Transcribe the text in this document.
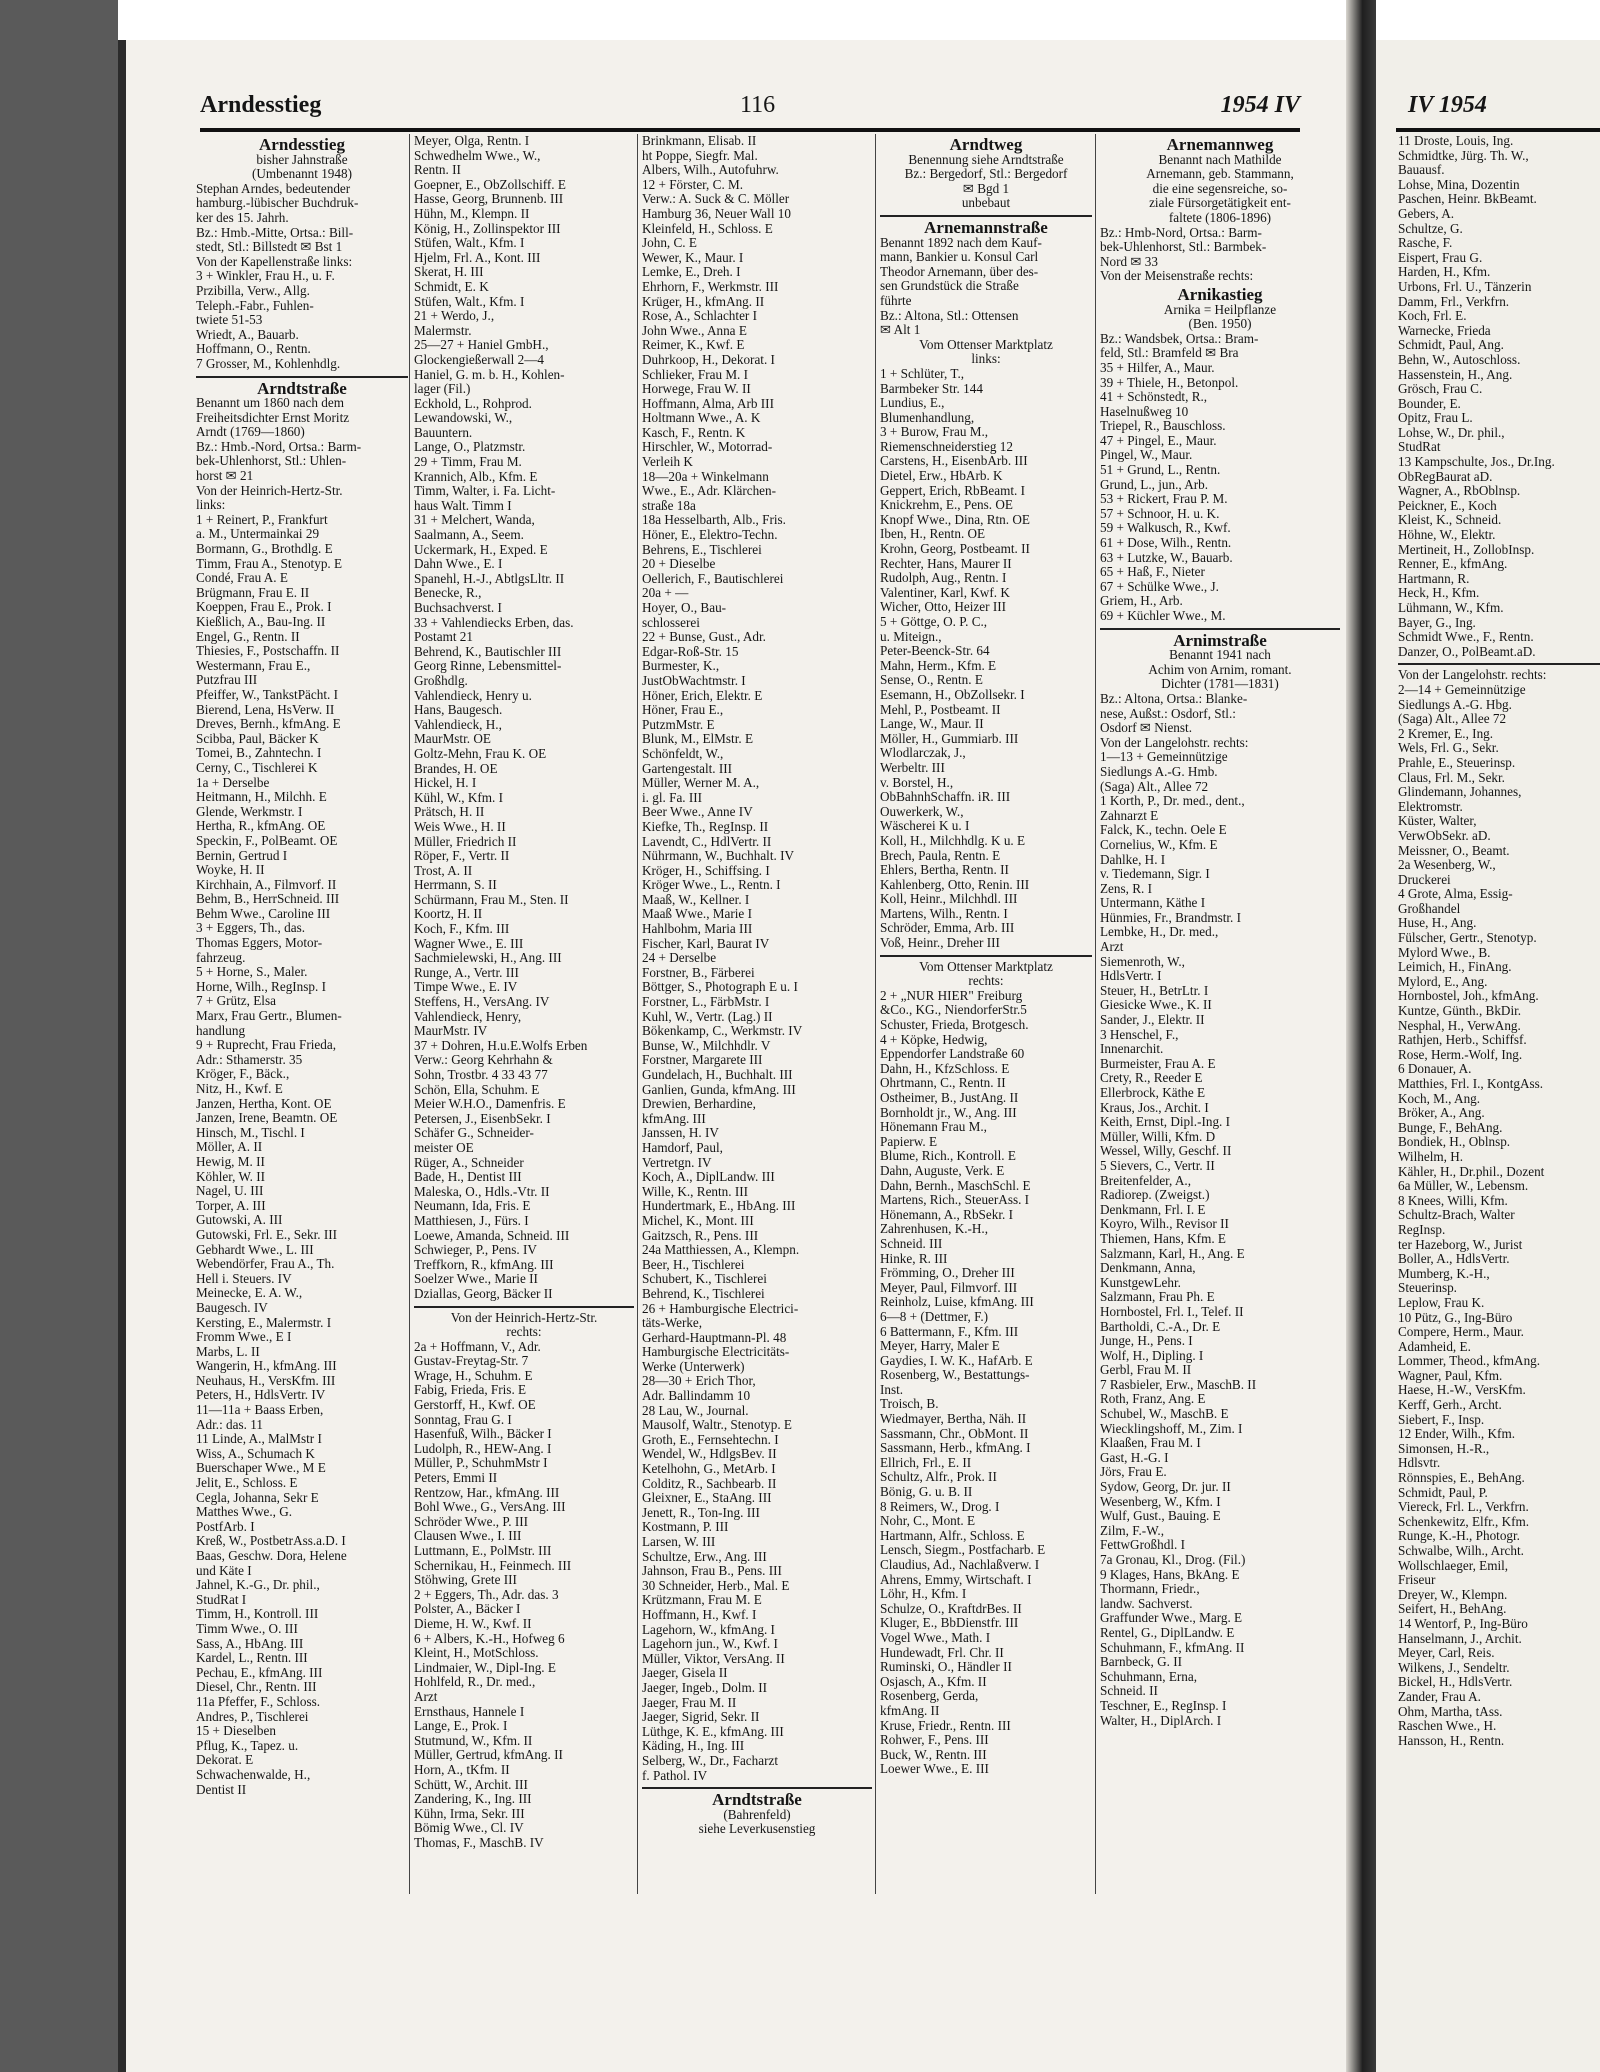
Arndesstieg	116	1954 IV	IV 1954
Arndesstieg
bisher Jahnstraße
(Umbenannt 1948)
Stephan Arndes, bedeutender
hamburg.-lübischer Buchdruk-
ker des 15. Jahrh.
Bz.: Hmb.-Mitte, Ortsa.: Bill-
stedt, Stl.: Billstedt ✉ Bst 1
Von der Kapellenstraße links:
3 + Winkler, Frau H., u. F.
Przibilla, Verw., Allg.
Teleph.-Fabr., Fuhlen-
twiete 51-53
Wriedt, A., Bauarb.
Hoffmann, O., Rentn.
7 Grosser, M., Kohlenhdlg.
Arndtstraße
Benannt um 1860 nach dem
Freiheitsdichter Ernst Moritz
Arndt (1769—1860)
Bz.: Hmb.-Nord, Ortsa.: Barm-
bek-Uhlenhorst, Stl.: Uhlen-
horst ✉ 21
Von der Heinrich-Hertz-Str.
links:
1 + Reinert, P., Frankfurt
a. M., Untermainkai 29
Bormann, G., Brothdlg. E
Timm, Frau A., Stenotyp. E
Condé, Frau A. E
Brügmann, Frau E. II
Koeppen, Frau E., Prok. I
Kießlich, A., Bau-Ing. II
Engel, G., Rentn. II
Thiesies, F., Postschaffn. II
Westermann, Frau E.,
Putzfrau III
Pfeiffer, W., TankstPächt. I
Bierend, Lena, HsVerw. II
Dreves, Bernh., kfmAng. E
Scibba, Paul, Bäcker K
Tomei, B., Zahntechn. I
Cerny, C., Tischlerei K
1a + Derselbe
Heitmann, H., Milchh. E
Glende, Werkmstr. I
Hertha, R., kfmAng. OE
Speckin, F., PolBeamt. OE
Bernin, Gertrud I
Woyke, H. II
Kirchhain, A., Filmvorf. II
Behm, B., HerrSchneid. III
Behm Wwe., Caroline III
3 + Eggers, Th., das.
Thomas Eggers, Motor-
fahrzeug.
5 + Horne, S., Maler.
Horne, Wilh., RegInsp. I
7 + Grütz, Elsa
Marx, Frau Gertr., Blumen-
handlung
9 + Ruprecht, Frau Frieda,
Adr.: Sthamerstr. 35
Kröger, F., Bäck.,
Nitz, H., Kwf. E
Janzen, Hertha, Kont. OE
Janzen, Irene, Beamtn. OE
Hinsch, M., Tischl. I
Möller, A. II
Hewig, M. II
Köhler, W. II
Nagel, U. III
Torper, A. III
Gutowski, A. III
Gutowski, Frl. E., Sekr. III
Gebhardt Wwe., L. III
Webendörfer, Frau A., Th.
Hell i. Steuers. IV
Meinecke, E. A. W.,
Baugesch. IV
Kersting, E., Malermstr. I
Fromm Wwe., E I
Marbs, L. II
Wangerin, H., kfmAng. III
Neuhaus, H., VersKfm. III
Peters, H., HdlsVertr. IV
11—11a + Baass Erben,
Adr.: das. 11
11 Linde, A., MalMstr I
Wiss, A., Schumach K
Buerschaper Wwe., M E
Jelit, E., Schloss. E
Cegla, Johanna, Sekr E
Matthes Wwe., G.
PostfArb. I
Kreß, W., PostbetrAss.a.D. I
Baas, Geschw. Dora, Helene
und Käte I
Jahnel, K.-G., Dr. phil.,
StudRat I
Timm, H., Kontroll. III
Timm Wwe., O. III
Sass, A., HbAng. III
Kardel, L., Rentn. III
Pechau, E., kfmAng. III
Diesel, Chr., Rentn. III
11a Pfeffer, F., Schloss.
Andres, P., Tischlerei
15 + Dieselben
Pflug, K., Tapez. u.
Dekorat. E
Schwachenwalde, H.,
Dentist II
Meyer, Olga, Rentn. I
Schwedhelm Wwe., W.,
Rentn. II
Goepner, E., ObZollschiff. E
Hasse, Georg, Brunnenb. III
Hühn, M., Klempn. II
König, H., Zollinspektor III
Stüfen, Walt., Kfm. I
Hjelm, Frl. A., Kont. III
Skerat, H. III
Schmidt, E. K
Stüfen, Walt., Kfm. I
21 + Werdo, J.,
Malermstr.
25—27 + Haniel GmbH.,
Glockengießerwall 2—4
Haniel, G. m. b. H., Kohlen-
lager (Fil.)
Eckhold, L., Rohprod.
Lewandowski, W.,
Bauuntern.
Lange, O., Platzmstr.
29 + Timm, Frau M.
Krannich, Alb., Kfm. E
Timm, Walter, i. Fa. Licht-
haus Walt. Timm I
31 + Melchert, Wanda,
Saalmann, A., Seem.
Uckermark, H., Exped. E
Dahn Wwe., E. I
Spanehl, H.-J., AbtlgsLltr. II
Benecke, R.,
Buchsachverst. I
33 + Vahlendiecks Erben, das.
Postamt 21
Behrend, K., Bautischler III
Georg Rinne, Lebensmittel-
Großhdlg.
Vahlendieck, Henry u.
Hans, Baugesch.
Vahlendieck, H.,
MaurMstr. OE
Goltz-Mehn, Frau K. OE
Brandes, H. OE
Hickel, H. I
Kühl, W., Kfm. I
Prätsch, H. II
Weis Wwe., H. II
Müller, Friedrich II
Röper, F., Vertr. II
Trost, A. II
Herrmann, S. II
Schürmann, Frau M., Sten. II
Koortz, H. II
Koch, F., Kfm. III
Wagner Wwe., E. III
Sachmielewski, H., Ang. III
Runge, A., Vertr. III
Timpe Wwe., E. IV
Steffens, H., VersAng. IV
Vahlendieck, Henry,
MaurMstr. IV
37 + Dohren, H.u.E.Wolfs Erben
Verw.: Georg Kehrhahn &
Sohn, Trostbr. 4 33 43 77
Schön, Ella, Schuhm. E
Meier W.H.O., Damenfris. E
Petersen, J., EisenbSekr. I
Schäfer G., Schneider-
meister OE
Rüger, A., Schneider
Bade, H., Dentist III
Maleska, O., Hdls.-Vtr. II
Neumann, Ida, Fris. E
Matthiesen, J., Fürs. I
Loewe, Amanda, Schneid. III
Schwieger, P., Pens. IV
Treffkorn, R., kfmAng. III
Soelzer Wwe., Marie II
Dziallas, Georg, Bäcker II
Von der Heinrich-Hertz-Str.
rechts:
2a + Hoffmann, V., Adr.
Gustav-Freytag-Str. 7
Wrage, H., Schuhm. E
Fabig, Frieda, Fris. E
Gerstorff, H., Kwf. OE
Sonntag, Frau G. I
Hasenfuß, Wilh., Bäcker I
Ludolph, R., HEW-Ang. I
Müller, P., SchuhmMstr I
Peters, Emmi II
Rentzow, Har., kfmAng. III
Bohl Wwe., G., VersAng. III
Schröder Wwe., P. III
Clausen Wwe., I. III
Luttmann, E., PolMstr. III
Schernikau, H., Feinmech. III
Stöhwing, Grete III
2 + Eggers, Th., Adr. das. 3
Polster, A., Bäcker I
Dieme, H. W., Kwf. II
6 + Albers, K.-H., Hofweg 6
Kleint, H., MotSchloss.
Lindmaier, W., Dipl-Ing. E
Hohlfeld, R., Dr. med.,
Arzt
Ernsthaus, Hannele I
Lange, E., Prok. I
Stutmund, W., Kfm. II
Müller, Gertrud, kfmAng. II
Horn, A., tKfm. II
Schütt, W., Archit. III
Zandering, K., Ing. III
Kühn, Irma, Sekr. III
Bömig Wwe., Cl. IV
Thomas, F., MaschB. IV
Brinkmann, Elisab. II
ht Poppe, Siegfr. Mal.
Albers, Wilh., Autofuhrw.
12 + Förster, C. M.
Verw.: A. Suck & C. Möller
Hamburg 36, Neuer Wall 10
Kleinfeld, H., Schloss. E
John, C. E
Wewer, K., Maur. I
Lemke, E., Dreh. I
Ehrhorn, F., Werkmstr. III
Krüger, H., kfmAng. II
Rose, A., Schlachter I
John Wwe., Anna E
Reimer, K., Kwf. E
Duhrkoop, H., Dekorat. I
Schlieker, Frau M. I
Horwege, Frau W. II
Hoffmann, Alma, Arb III
Holtmann Wwe., A. K
Kasch, F., Rentn. K
Hirschler, W., Motorrad-
Verleih K
18—20a + Winkelmann
Wwe., E., Adr. Klärchen-
straße 18a
18a Hesselbarth, Alb., Fris.
Höner, E., Elektro-Techn.
Behrens, E., Tischlerei
20 + Dieselbe
Oellerich, F., Bautischlerei
20a + —
Hoyer, O., Bau-
schlosserei
22 + Bunse, Gust., Adr.
Edgar-Roß-Str. 15
Burmester, K.,
JustObWachtmstr. I
Höner, Erich, Elektr. E
Höner, Frau E.,
PutzmMstr. E
Blunk, M., ElMstr. E
Schönfeldt, W.,
Gartengestalt. III
Müller, Werner M. A.,
i. gl. Fa. III
Beer Wwe., Anne IV
Kiefke, Th., RegInsp. II
Lavendt, C., HdlVertr. II
Nührmann, W., Buchhalt. IV
Kröger, H., Schiffsing. I
Kröger Wwe., L., Rentn. I
Maaß, W., Kellner. I
Maaß Wwe., Marie I
Hahlbohm, Maria III
Fischer, Karl, Baurat IV
24 + Derselbe
Forstner, B., Färberei
Böttger, S., Photograph E u. I
Forstner, L., FärbMstr. I
Kuhl, W., Vertr. (Lag.) II
Bökenkamp, C., Werkmstr. IV
Bunse, W., Milchhdlr. V
Forstner, Margarete III
Gundelach, H., Buchhalt. III
Ganlien, Gunda, kfmAng. III
Drewien, Berhardine,
kfmAng. III
Janssen, H. IV
Hamdorf, Paul,
Vertretgn. IV
Koch, A., DiplLandw. III
Wille, K., Rentn. III
Hundertmark, E., HbAng. III
Michel, K., Mont. III
Gaitzsch, R., Pens. III
24a Matthiessen, A., Klempn.
Beer, H., Tischlerei
Schubert, K., Tischlerei
Behrend, K., Tischlerei
26 + Hamburgische Electrici-
täts-Werke,
Gerhard-Hauptmann-Pl. 48
Hamburgische Electricitäts-
Werke (Unterwerk)
28—30 + Erich Thor,
Adr. Ballindamm 10
28 Lau, W., Journal.
Mausolf, Waltr., Stenotyp. E
Groth, E., Fernsehtechn. I
Wendel, W., HdlgsBev. II
Ketelhohn, G., MetArb. I
Colditz, R., Sachbearb. II
Gleixner, E., StaAng. III
Jenett, R., Ton-Ing. III
Kostmann, P. III
Larsen, W. III
Schultze, Erw., Ang. III
Jahnson, Frau B., Pens. III
30 Schneider, Herb., Mal. E
Krützmann, Frau M. E
Hoffmann, H., Kwf. I
Lagehorn, W., kfmAng. I
Lagehorn jun., W., Kwf. I
Müller, Viktor, VersAng. II
Jaeger, Gisela II
Jaeger, Ingeb., Dolm. II
Jaeger, Frau M. II
Jaeger, Sigrid, Sekr. II
Lüthge, K. E., kfmAng. III
Käding, H., Ing. III
Selberg, W., Dr., Facharzt
f. Pathol. IV
Arndtstraße
(Bahrenfeld)
siehe Leverkusenstieg
Arndtweg
Benennung siehe Arndtstraße
Bz.: Bergedorf, Stl.: Bergedorf
✉ Bgd 1
unbebaut
Arnemannstraße
Benannt 1892 nach dem Kauf-
mann, Bankier u. Konsul Carl
Theodor Arnemann, über des-
sen Grundstück die Straße
führte
Bz.: Altona, Stl.: Ottensen
✉ Alt 1
Vom Ottenser Marktplatz
links:
1 + Schlüter, T.,
Barmbeker Str. 144
Lundius, E.,
Blumenhandlung,
3 + Burow, Frau M.,
Riemenschneiderstieg 12
Carstens, H., EisenbArb. III
Dietel, Erw., HbArb. K
Geppert, Erich, RbBeamt. I
Knickrehm, E., Pens. OE
Knopf Wwe., Dina, Rtn. OE
Iben, H., Rentn. OE
Krohn, Georg, Postbeamt. II
Rechter, Hans, Maurer II
Rudolph, Aug., Rentn. I
Valentiner, Karl, Kwf. K
Wicher, Otto, Heizer III
5 + Göttge, O. P. C.,
u. Miteign.,
Peter-Beenck-Str. 64
Mahn, Herm., Kfm. E
Sense, O., Rentn. E
Esemann, H., ObZollsekr. I
Mehl, P., Postbeamt. II
Lange, W., Maur. II
Möller, H., Gummiarb. III
Wlodlarczak, J.,
Werbeltr. III
v. Borstel, H.,
ObBahnhSchaffn. iR. III
Ouwerkerk, W.,
Wäscherei K u. I
Koll, H., Milchhdlg. K u. E
Brech, Paula, Rentn. E
Ehlers, Bertha, Rentn. II
Kahlenberg, Otto, Renin. III
Koll, Heinr., Milchhdl. III
Martens, Wilh., Rentn. I
Schröder, Emma, Arb. III
Voß, Heinr., Dreher III
Vom Ottenser Marktplatz
rechts:
2 + „NUR HIER" Freiburg
&Co., KG., NiendorferStr.5
Schuster, Frieda, Brotgesch.
4 + Köpke, Hedwig,
Eppendorfer Landstraße 60
Dahn, H., KfzSchloss. E
Ohrtmann, C., Rentn. II
Ostheimer, B., JustAng. II
Bornholdt jr., W., Ang. III
Hönemann Frau M.,
Papierw. E
Blume, Rich., Kontroll. E
Dahn, Auguste, Verk. E
Dahn, Bernh., MaschSchl. E
Martens, Rich., SteuerAss. I
Hönemann, A., RbSekr. I
Zahrenhusen, K.-H.,
Schneid. III
Hinke, R. III
Frömming, O., Dreher III
Meyer, Paul, Filmvorf. III
Reinholz, Luise, kfmAng. III
6—8 + (Dettmer, F.)
6 Battermann, F., Kfm. III
Meyer, Harry, Maler E
Gaydies, I. W. K., HafArb. E
Rosenberg, W., Bestattungs-
Inst.
Troisch, B.
Wiedmayer, Bertha, Näh. II
Sassmann, Chr., ObMont. II
Sassmann, Herb., kfmAng. I
Ellrich, Frl., E. II
Schultz, Alfr., Prok. II
Bönig, G. u. B. II
8 Reimers, W., Drog. I
Nohr, C., Mont. E
Hartmann, Alfr., Schloss. E
Lensch, Siegm., Postfacharb. E
Claudius, Ad., Nachlaßverw. I
Ahrens, Emmy, Wirtschaft. I
Löhr, H., Kfm. I
Schulze, O., KraftdrBes. II
Kluger, E., BbDienstfr. III
Vogel Wwe., Math. I
Hundewadt, Frl. Chr. II
Ruminski, O., Händler II
Osjasch, A., Kfm. II
Rosenberg, Gerda,
kfmAng. II
Kruse, Friedr., Rentn. III
Rohwer, F., Pens. III
Buck, W., Rentn. III
Loewer Wwe., E. III
Arnemannweg
Benannt nach Mathilde
Arnemann, geb. Stammann,
die eine segensreiche, so-
ziale Fürsorgetätigkeit ent-
faltete (1806-1896)
Bz.: Hmb-Nord, Ortsa.: Barm-
bek-Uhlenhorst, Stl.: Barmbek-
Nord ✉ 33
Von der Meisenstraße rechts:
Arnikastieg
Arnika = Heilpflanze
(Ben. 1950)
Bz.: Wandsbek, Ortsa.: Bram-
feld, Stl.: Bramfeld ✉ Bra
35 + Hilfer, A., Maur.
39 + Thiele, H., Betonpol.
41 + Schönstedt, R.,
Haselnußweg 10
Triepel, R., Bauschloss.
47 + Pingel, E., Maur.
Pingel, W., Maur.
51 + Grund, L., Rentn.
Grund, L., jun., Arb.
53 + Rickert, Frau P. M.
57 + Schnoor, H. u. K.
59 + Walkusch, R., Kwf.
61 + Dose, Wilh., Rentn.
63 + Lutzke, W., Bauarb.
65 + Haß, F., Nieter
67 + Schülke Wwe., J.
Griem, H., Arb.
69 + Küchler Wwe., M.
Arnimstraße
Benannt 1941 nach
Achim von Arnim, romant.
Dichter (1781—1831)
Bz.: Altona, Ortsa.: Blanke-
nese, Außst.: Osdorf, Stl.:
Osdorf ✉ Nienst.
Von der Langelohstr. rechts:
1—13 + Gemeinnützige
Siedlungs A.-G. Hmb.
(Saga) Alt., Allee 72
1 Korth, P., Dr. med., dent.,
Zahnarzt E
Falck, K., techn. Oele E
Cornelius, W., Kfm. E
Dahlke, H. I
v. Tiedemann, Sigr. I
Zens, R. I
Untermann, Käthe I
Hünmies, Fr., Brandmstr. I
Lembke, H., Dr. med.,
Arzt
Siemenroth, W.,
HdlsVertr. I
Steuer, H., BetrLtr. I
Giesicke Wwe., K. II
Sander, J., Elektr. II
3 Henschel, F.,
Innenarchit.
Burmeister, Frau A. E
Crety, R., Reeder E
Ellerbrock, Käthe E
Kraus, Jos., Archit. I
Keith, Ernst, Dipl.-Ing. I
Müller, Willi, Kfm. D
Wessel, Willy, Geschf. II
5 Sievers, C., Vertr. II
Breitenfelder, A.,
Radiorep. (Zweigst.)
Denkmann, Frl. I. E
Koyro, Wilh., Revisor II
Thiemen, Hans, Kfm. E
Salzmann, Karl, H., Ang. E
Denkmann, Anna,
KunstgewLehr.
Salzmann, Frau Ph. E
Hornbostel, Frl. I., Telef. II
Bartholdi, C.-A., Dr. E
Junge, H., Pens. I
Wolf, H., Dipling. I
Gerbl, Frau M. II
7 Rasbieler, Erw., MaschB. II
Roth, Franz, Ang. E
Schubel, W., MaschB. E
Wiecklingshoff, M., Zim. I
Klaaßen, Frau M. I
Gast, H.-G. I
Jörs, Frau E.
Sydow, Georg, Dr. jur. II
Wesenberg, W., Kfm. I
Wulf, Gust., Bauing. E
Zilm, F.-W.,
FettwGroßhdl. I
7a Gronau, Kl., Drog. (Fil.)
9 Klages, Hans, BkAng. E
Thormann, Friedr.,
landw. Sachverst.
Graffunder Wwe., Marg. E
Rentel, G., DiplLandw. E
Schuhmann, F., kfmAng. II
Barnbeck, G. II
Schuhmann, Erna,
Schneid. II
Teschner, E., RegInsp. I
Walter, H., DiplArch. I
11 Droste, Louis, Ing.
Schmidtke, Jürg. Th. W.,
Bauausf.
Lohse, Mina, Dozentin
Paschen, Heinr. BkBeamt.
Gebers, A.
Schultze, G.
Rasche, F.
Eispert, Frau G.
Harden, H., Kfm.
Urbons, Frl. U., Tänzerin
Damm, Frl., Verkfrn.
Koch, Frl. E.
Warnecke, Frieda
Schmidt, Paul, Ang.
Behn, W., Autoschloss.
Hassenstein, H., Ang.
Grösch, Frau C.
Bounder, E.
Opitz, Frau L.
Lohse, W., Dr. phil.,
StudRat
13 Kampschulte, Jos., Dr.Ing.
ObRegBaurat aD.
Wagner, A., RbOblnsp.
Peickner, E., Koch
Kleist, K., Schneid.
Höhne, W., Elektr.
Mertineit, H., ZollobInsp.
Renner, E., kfmAng.
Hartmann, R.
Heck, H., Kfm.
Lühmann, W., Kfm.
Bayer, G., Ing.
Schmidt Wwe., F., Rentn.
Danzer, O., PolBeamt.aD.
Von der Langelohstr. rechts:
2—14 + Gemeinnützige
Siedlungs A.-G. Hbg.
(Saga) Alt., Allee 72
2 Kremer, E., Ing.
Wels, Frl. G., Sekr.
Prahle, E., Steuerinsp.
Claus, Frl. M., Sekr.
Glindemann, Johannes,
Elektromstr.
Küster, Walter,
VerwObSekr. aD.
Meissner, O., Beamt.
2a Wesenberg, W.,
Druckerei
4 Grote, Alma, Essig-
Großhandel
Huse, H., Ang.
Fülscher, Gertr., Stenotyp.
Mylord Wwe., B.
Leimich, H., FinAng.
Mylord, E., Ang.
Hornbostel, Joh., kfmAng.
Kuntze, Günth., BkDir.
Nesphal, H., VerwAng.
Rathjen, Herb., Schiffsf.
Rose, Herm.-Wolf, Ing.
6 Donauer, A.
Matthies, Frl. I., KontgAss.
Koch, M., Ang.
Bröker, A., Ang.
Bunge, F., BehAng.
Bondiek, H., Oblnsp.
Wilhelm, H.
Kähler, H., Dr.phil., Dozent
6a Müller, W., Lebensm.
8 Knees, Willi, Kfm.
Schultz-Brach, Walter
RegInsp.
ter Hazeborg, W., Jurist
Boller, A., HdlsVertr.
Mumberg, K.-H.,
Steuerinsp.
Leplow, Frau K.
10 Pütz, G., Ing-Büro
Compere, Herm., Maur.
Adamheid, E.
Lommer, Theod., kfmAng.
Wagner, Paul, Kfm.
Haese, H.-W., VersKfm.
Kerff, Gerh., Archt.
Siebert, F., Insp.
12 Ender, Wilh., Kfm.
Simonsen, H.-R.,
Hdlsvtr.
Rönnspies, E., BehAng.
Schmidt, Paul, P.
Viereck, Frl. L., Verkfrn.
Schenkewitz, Elfr., Kfm.
Runge, K.-H., Photogr.
Schwalbe, Wilh., Archt.
Wollschlaeger, Emil,
Friseur
Dreyer, W., Klempn.
Seifert, H., BehAng.
14 Wentorf, P., Ing-Büro
Hanselmann, J., Archit.
Meyer, Carl, Reis.
Wilkens, J., Sendeltr.
Bickel, H., HdlsVertr.
Zander, Frau A.
Ohm, Martha, tAss.
Raschen Wwe., H.
Hansson, H., Rentn.
